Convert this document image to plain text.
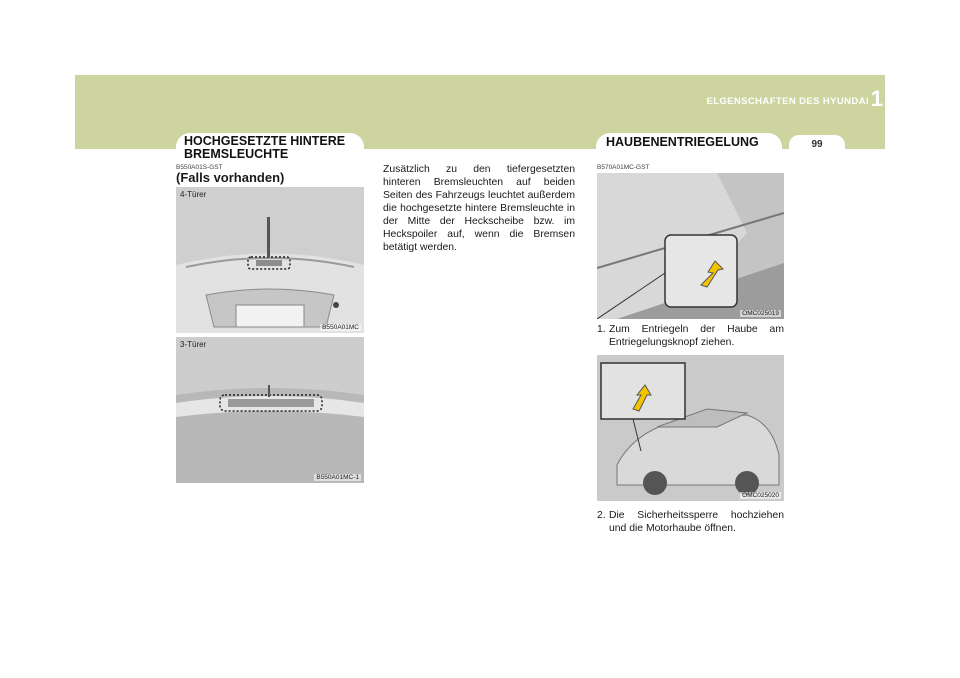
ELGENSCHAFTEN DES HYUNDAI 1
99
HOCHGESETZTE HINTERE
BREMSLEUCHTE
B550A01S-GST
(Falls vorhanden)
4-Türer
B550A01MC
3-Türer
B550A01MC-1
Zusätzlich zu den tiefergesetzten hinteren Bremsleuchten auf beiden Seiten des Fahrzeugs leuchtet außerdem die hochgesetzte hintere Bremsleuchte in der Mitte der Heckscheibe bzw. im Heckspoiler auf, wenn die Bremsen betätigt werden.
HAUBENENTRIEGELUNG
B570A01MC-GST
OMC025019
1. Zum Entriegeln der Haube am Entriegelungsknopf ziehen.
OMC025020
2. Die Sicherheitssperre hochziehen und die Motorhaube öffnen.
